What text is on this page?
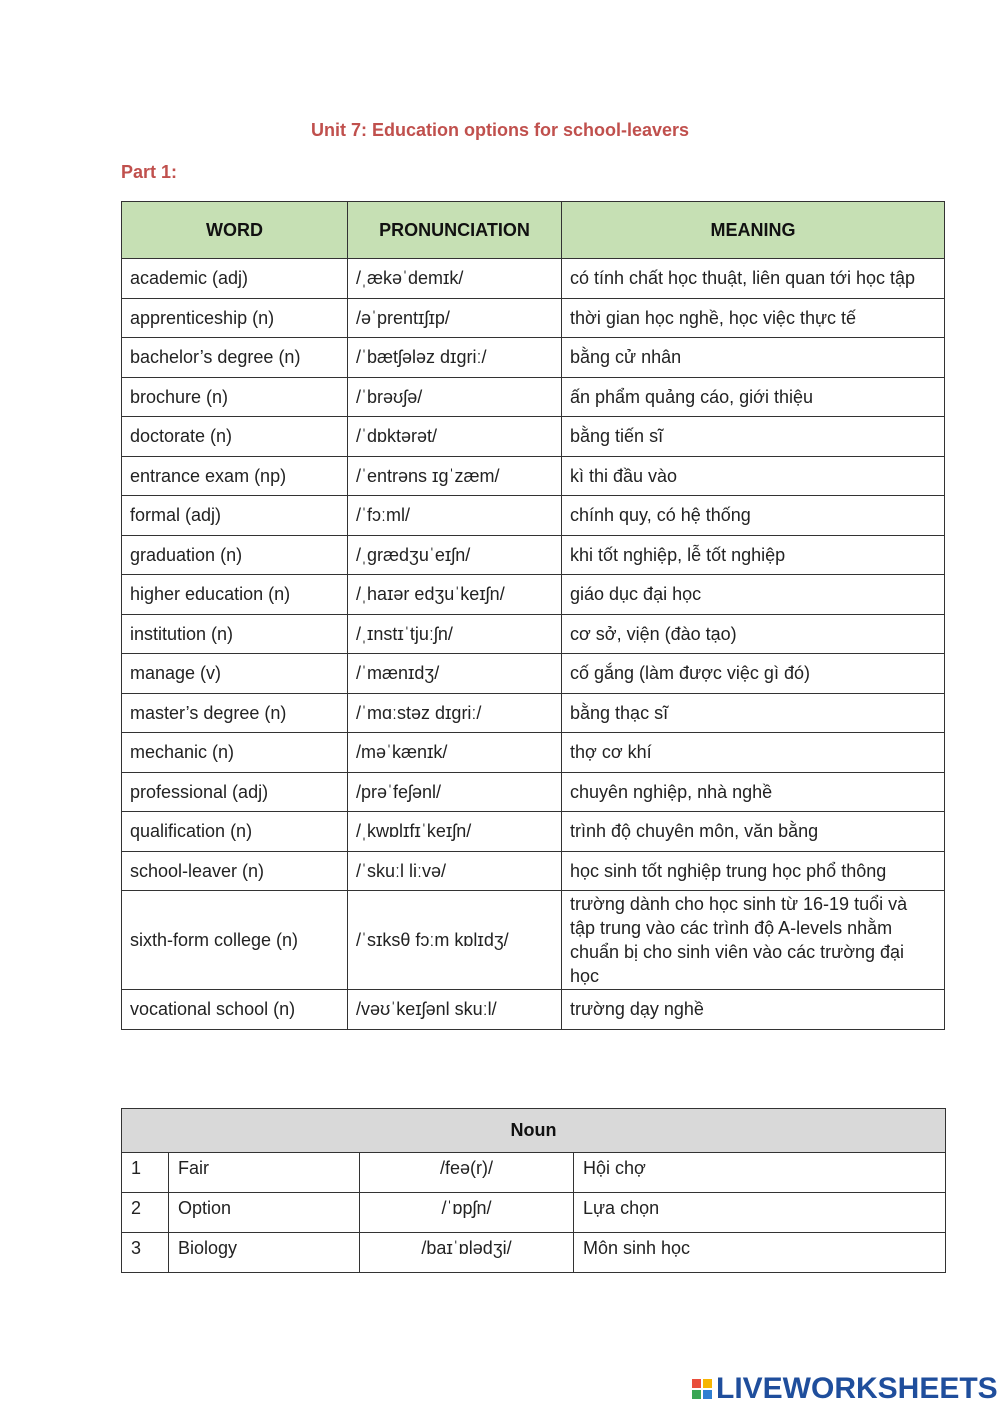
Unit 7: Education options for school-leavers
Part 1:
WORD	PRONUNCIATION	MEANING
academic (adj)	/ˌækəˈdemɪk/	có tính chất học thuật, liên quan tới học tập
apprenticeship (n)	/əˈprentɪʃɪp/	thời gian học nghề, học việc thực tế
bachelor’s degree (n)	/ˈbætʃələz dɪgriː/	bằng cử nhân
brochure (n)	/ˈbrəʊʃə/	ấn phẩm quảng cáo, giới thiệu
doctorate (n)	/ˈdɒktərət/	bằng tiến sĩ
entrance exam (np)	/ˈentrəns ɪgˈzæm/	kì thi đầu vào
formal (adj)	/ˈfɔːml/	chính quy, có hệ thống
graduation (n)	/ˌgrædʒuˈeɪʃn/	khi tốt nghiệp, lễ tốt nghiệp
higher education (n)	/ˌhaɪər edʒuˈkeɪʃn/	giáo dục đại học
institution (n)	/ˌɪnstɪˈtjuːʃn/	cơ sở, viện (đào tạo)
manage (v)	/ˈmænɪdʒ/	cố gắng (làm được việc gì đó)
master’s degree (n)	/ˈmɑːstəz dɪgriː/	bằng thạc sĩ
mechanic (n)	/məˈkænɪk/	thợ cơ khí
professional (adj)	/prəˈfeʃənl/	chuyên nghiệp, nhà nghề
qualification (n)	/ˌkwɒlɪfɪˈkeɪʃn/	trình độ chuyên môn, văn bằng
school-leaver (n)	/ˈskuːl liːvə/	học sinh tốt nghiệp trung học phổ thông
sixth-form college (n)	/ˈsɪksθ fɔːm kɒlɪdʒ/	trường dành cho học sinh từ 16-19 tuổi và tập trung vào các trình độ A-levels nhằm chuẩn bị cho sinh viên vào các trường đại học
vocational school (n)	/vəʊˈkeɪʃənl skuːl/	trường dạy nghề
Noun			
1	Fair	/feə(r)/	Hội chợ
2	Option	/ˈɒpʃn/	Lựa chọn
3	Biology	/baɪˈɒlədʒi/	Môn sinh học
LIVEWORKSHEETS
